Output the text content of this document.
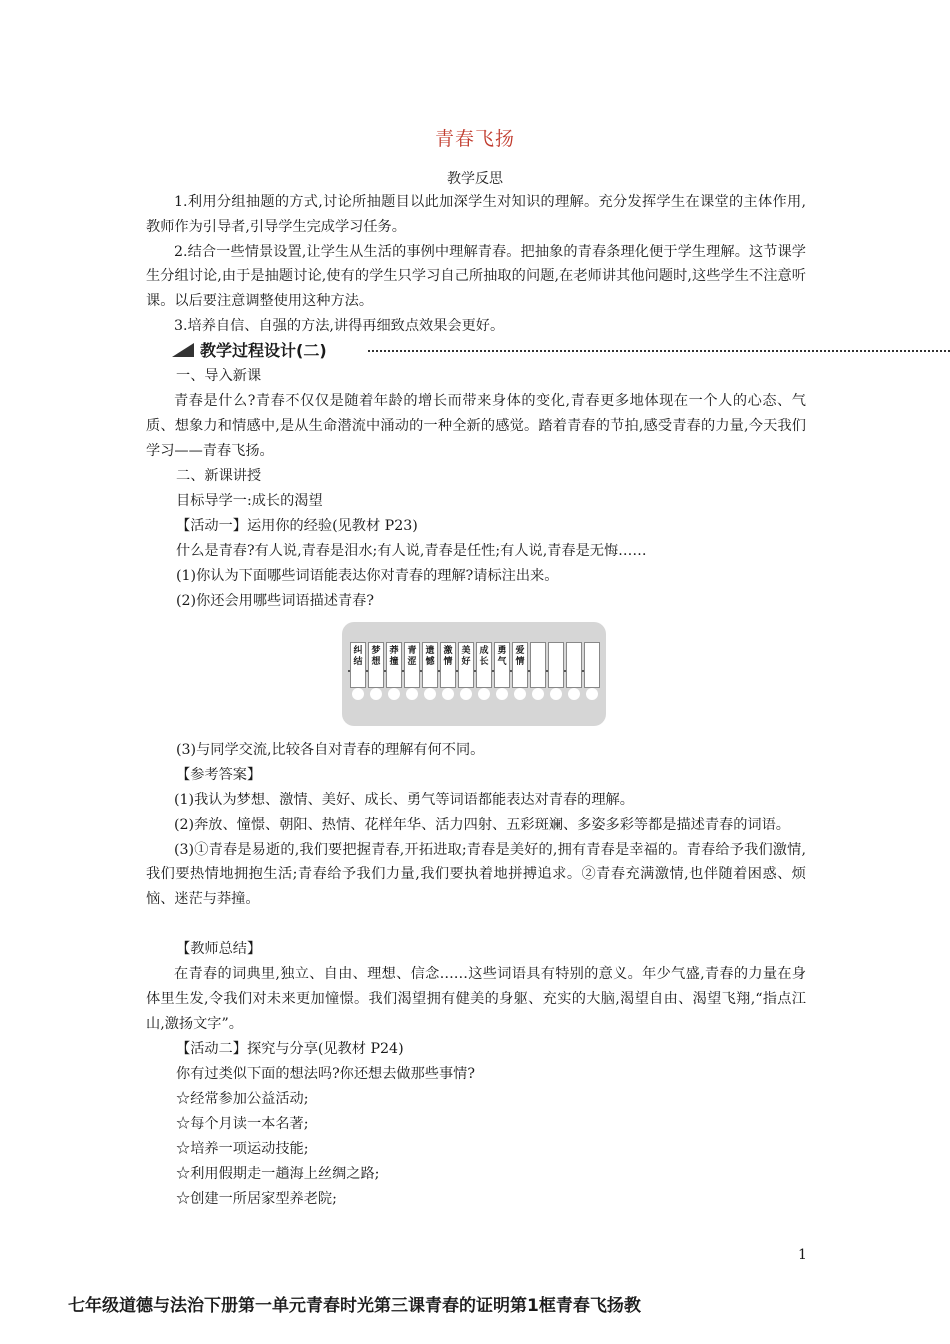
青春飞扬
教学反思

1.利用分组抽题的方式,讨论所抽题目以此加深学生对知识的理解。充分发挥学生在课堂的主体作用,教师作为引导者,引导学生完成学习任务。

2.结合一些情景设置,让学生从生活的事例中理解青春。把抽象的青春条理化便于学生理解。这节课学生分组讨论,由于是抽题讨论,使有的学生只学习自己所抽取的问题,在老师讲其他问题时,这些学生不注意听课。以后要注意调整使用这种方法。

3.培养自信、自强的方法,讲得再细致点效果会更好。

教学过程设计(二)
一、导入新课

青春是什么?青春不仅仅是随着年龄的增长而带来身体的变化,青春更多地体现在一个人的心态、气质、想象力和情感中,是从生命潜流中涌动的一种全新的感觉。踏着青春的节拍,感受青春的力量,今天我们学习——青春飞扬。

二、新课讲授
目标导学一:成长的渴望
【活动一】运用你的经验(见教材 P23)
什么是青春?有人说,青春是泪水;有人说,青春是任性;有人说,青春是无悔……
(1)你认为下面哪些词语能表达你对青春的理解?请标注出来。
(2)你还会用哪些词语描述青春?
纠
结
梦
想
莽
撞
青
涩
遗
憾
激
情
美
好
成
长
勇
气
爱
情
(3)与同学交流,比较各自对青春的理解有何不同。
【参考答案】

(1)我认为梦想、激情、美好、成长、勇气等词语都能表达对青春的理解。

(2)奔放、憧憬、朝阳、热情、花样年华、活力四射、五彩斑斓、多姿多彩等都是描述青春的词语。

(3)①青春是易逝的,我们要把握青春,开拓进取;青春是美好的,拥有青春是幸福的。青春给予我们激情,我们要热情地拥抱生活;青春给予我们力量,我们要执着地拼搏追求。②青春充满激情,也伴随着困惑、烦恼、迷茫与莽撞。

【教师总结】

在青春的词典里,独立、自由、理想、信念……这些词语具有特别的意义。年少气盛,青春的力量在身体里生发,令我们对未来更加憧憬。我们渴望拥有健美的身躯、充实的大脑,渴望自由、渴望飞翔,“指点江山,激扬文字”。

【活动二】探究与分享(见教材 P24)
你有过类似下面的想法吗?你还想去做那些事情?
☆经常参加公益活动;
☆每个月读一本名著;
☆培养一项运动技能;
☆利用假期走一趟海上丝绸之路;
☆创建一所居家型养老院;
1
七年级道德与法治下册第一单元青春时光第三课青春的证明第1框青春飞扬教
